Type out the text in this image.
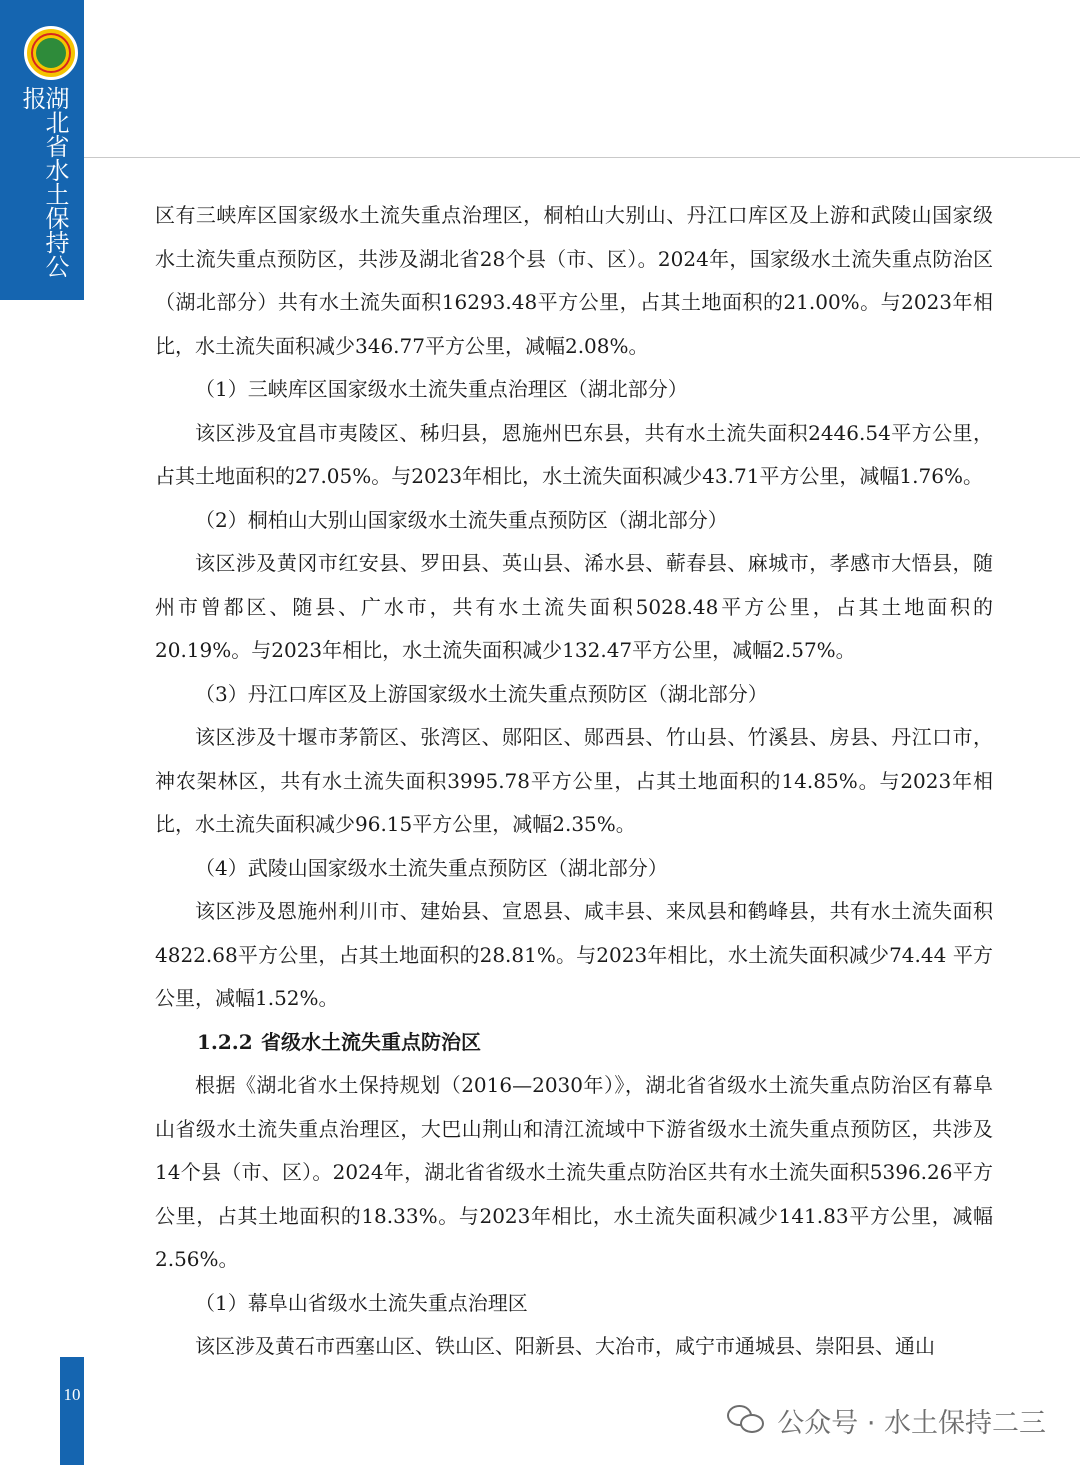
湖北省水土保持公报

区有三峡库区国家级水土流失重点治理区，桐柏山大别山、丹江口库区及上游和武陵山国家级水土流失重点预防区，共涉及湖北省28个县（市、区）。2024年，国家级水土流失重点防治区（湖北部分）共有水土流失面积16293.48平方公里，占其土地面积的21.00%。与2023年相比，水土流失面积减少346.77平方公里，减幅2.08%。

（1）三峡库区国家级水土流失重点治理区（湖北部分）

该区涉及宜昌市夷陵区、秭归县，恩施州巴东县，共有水土流失面积2446.54平方公里，占其土地面积的27.05%。与2023年相比，水土流失面积减少43.71平方公里，减幅1.76%。

（2）桐柏山大别山国家级水土流失重点预防区（湖北部分）

该区涉及黄冈市红安县、罗田县、英山县、浠水县、蕲春县、麻城市，孝感市大悟县，随州市曾都区、随县、广水市，共有水土流失面积5028.48平方公里，占其土地面积的20.19%。与2023年相比，水土流失面积减少132.47平方公里，减幅2.57%。

（3）丹江口库区及上游国家级水土流失重点预防区（湖北部分）

该区涉及十堰市茅箭区、张湾区、郧阳区、郧西县、竹山县、竹溪县、房县、丹江口市，神农架林区，共有水土流失面积3995.78平方公里，占其土地面积的14.85%。与2023年相比，水土流失面积减少96.15平方公里，减幅2.35%。

（4）武陵山国家级水土流失重点预防区（湖北部分）

该区涉及恩施州利川市、建始县、宣恩县、咸丰县、来凤县和鹤峰县，共有水土流失面积4822.68平方公里，占其土地面积的28.81%。与2023年相比，水土流失面积减少74.44 平方公里，减幅1.52%。

1.2.2 省级水土流失重点防治区

根据《湖北省水土保持规划（2016—2030年）》，湖北省省级水土流失重点防治区有幕阜山省级水土流失重点治理区，大巴山荆山和清江流域中下游省级水土流失重点预防区，共涉及14个县（市、区）。2024年，湖北省省级水土流失重点防治区共有水土流失面积5396.26平方公里，占其土地面积的18.33%。与2023年相比，水土流失面积减少141.83平方公里，减幅2.56%。

（1）幕阜山省级水土流失重点治理区

该区涉及黄石市西塞山区、铁山区、阳新县、大冶市，咸宁市通城县、崇阳县、通山

10
公众号 · 水土保持二三
